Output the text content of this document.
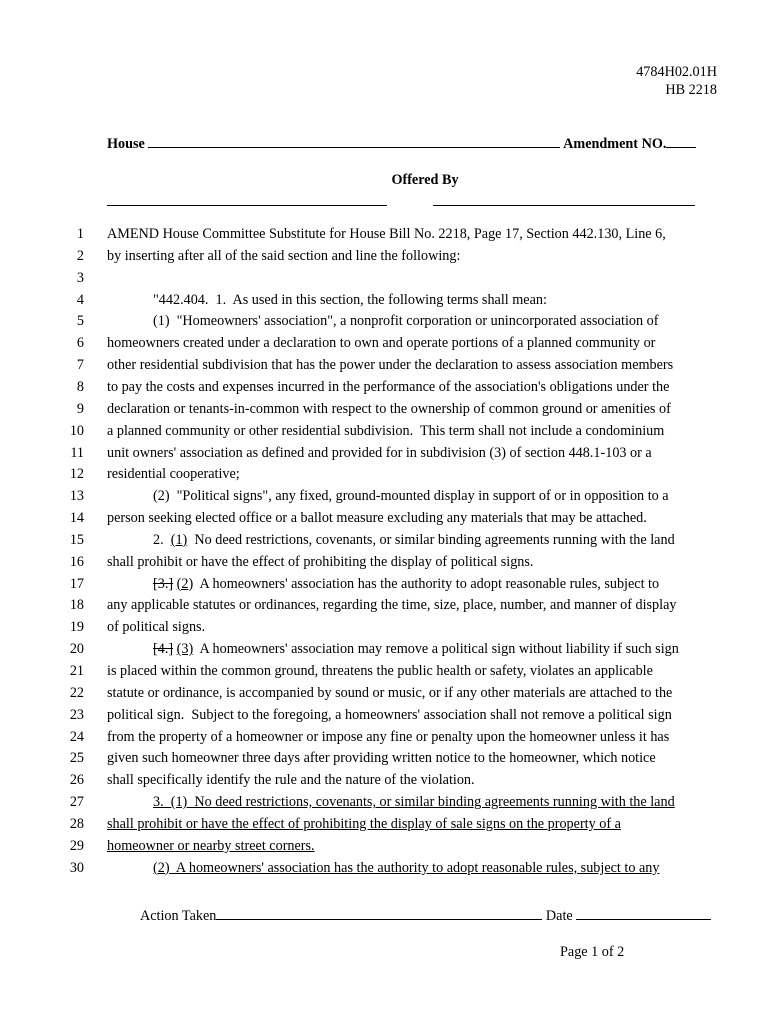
4784H02.01H
HB 2218
House	Amendment NO.
Offered By
1 AMEND House Committee Substitute for House Bill No. 2218, Page 17, Section 442.130, Line 6,
2 by inserting after all of the said section and line the following:
3
4	"442.404.  1.  As used in this section, the following terms shall mean:
5	(1)  "Homeowners' association", a nonprofit corporation or unincorporated association of
6 homeowners created under a declaration to own and operate portions of a planned community or
7 other residential subdivision that has the power under the declaration to assess association members
8 to pay the costs and expenses incurred in the performance of the association's obligations under the
9 declaration or tenants-in-common with respect to the ownership of common ground or amenities of
10 a planned community or other residential subdivision.  This term shall not include a condominium
11 unit owners' association as defined and provided for in subdivision (3) of section 448.1-103 or a
12 residential cooperative;
13	(2)  "Political signs", any fixed, ground-mounted display in support of or in opposition to a
14 person seeking elected office or a ballot measure excluding any materials that may be attached.
15	2.  (1)  No deed restrictions, covenants, or similar binding agreements running with the land
16 shall prohibit or have the effect of prohibiting the display of political signs.
17	[3.] (2)  A homeowners' association has the authority to adopt reasonable rules, subject to
18 any applicable statutes or ordinances, regarding the time, size, place, number, and manner of display
19 of political signs.
20	[4.] (3)  A homeowners' association may remove a political sign without liability if such sign
21 is placed within the common ground, threatens the public health or safety, violates an applicable
22 statute or ordinance, is accompanied by sound or music, or if any other materials are attached to the
23 political sign.  Subject to the foregoing, a homeowners' association shall not remove a political sign
24 from the property of a homeowner or impose any fine or penalty upon the homeowner unless it has
25 given such homeowner three days after providing written notice to the homeowner, which notice
26 shall specifically identify the rule and the nature of the violation.
27	3.  (1)  No deed restrictions, covenants, or similar binding agreements running with the land
28 shall prohibit or have the effect of prohibiting the display of sale signs on the property of a
29 homeowner or nearby street corners.
30	(2)  A homeowners' association has the authority to adopt reasonable rules, subject to any
Action Taken	Date
Page 1 of 2
